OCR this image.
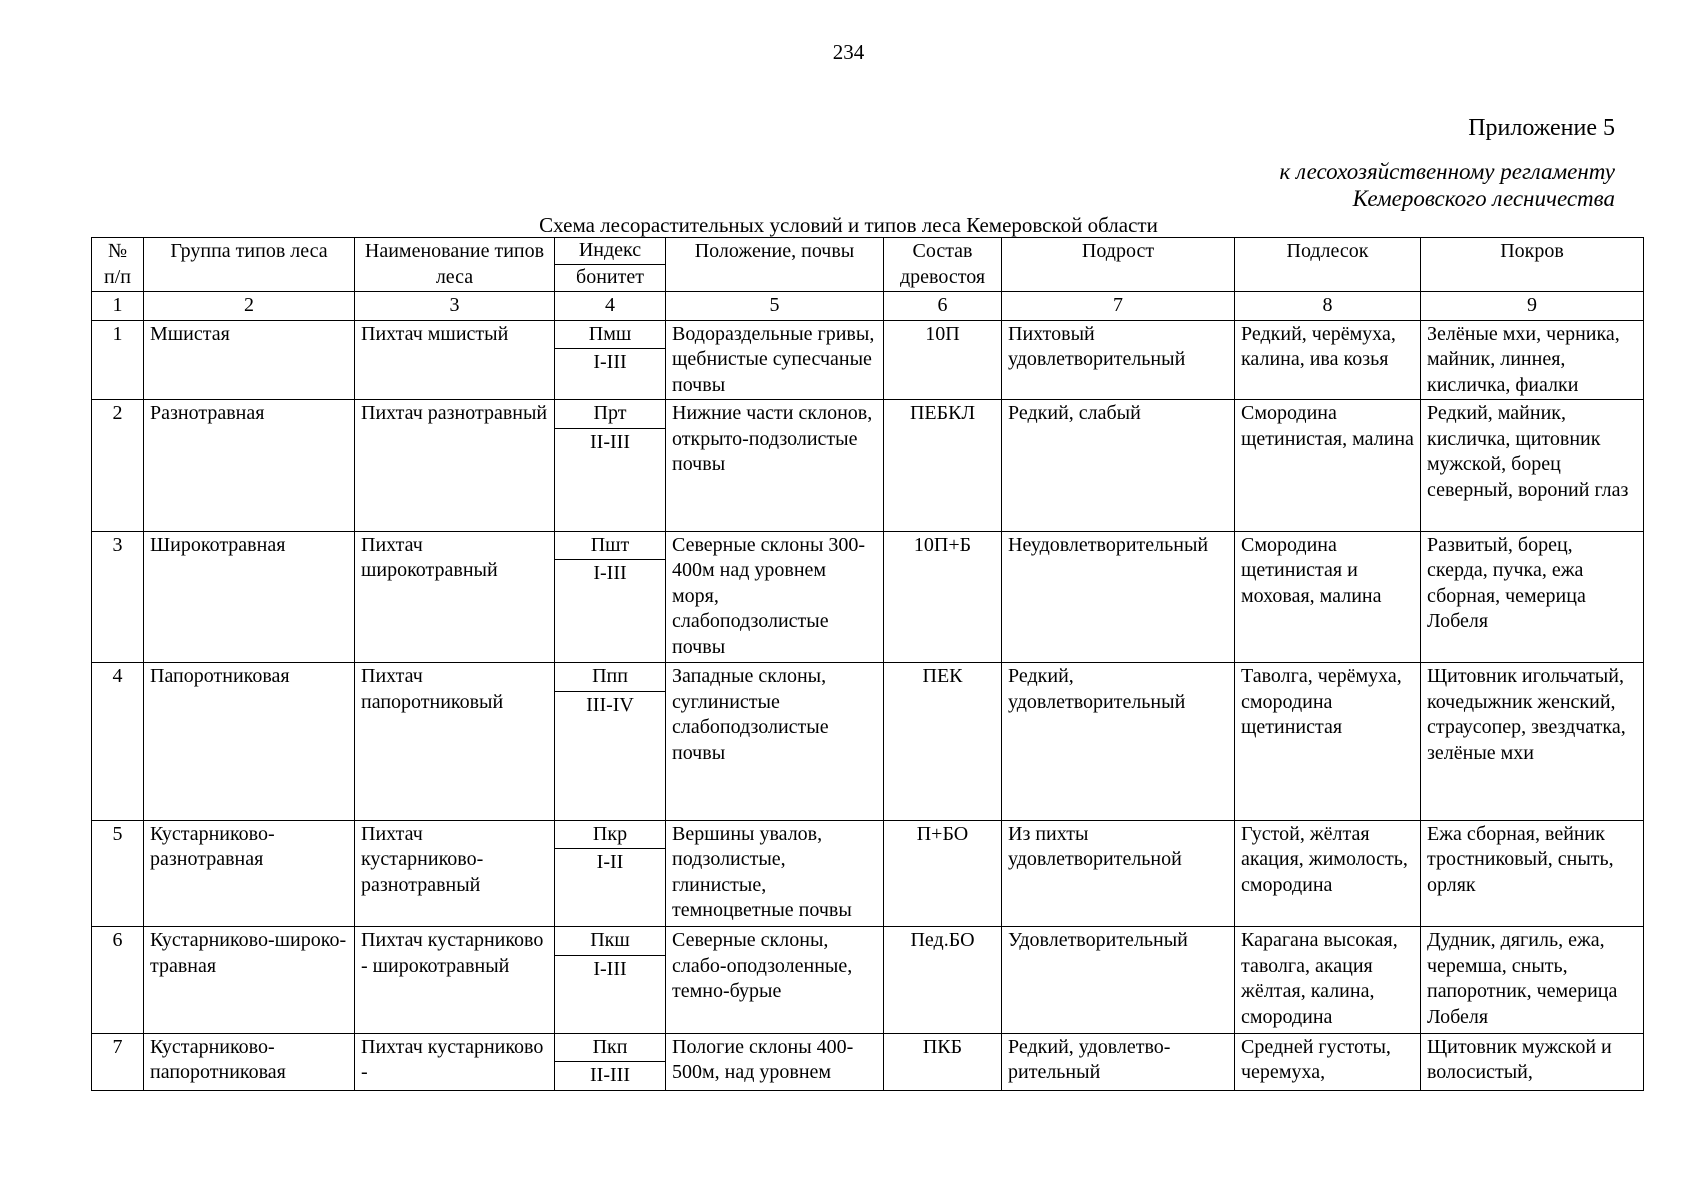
234
Приложение 5
к лесохозяйственному регламенту
Кемеровского лесничества
Схема лесорастительных условий и типов леса Кемеровской области
№ п/п	Группа типов леса	Наименование типов леса	Индекс	Положение, почвы	Состав древостоя	Подрост	Подлесок	Покров
			бонитет					
1	2	3	4	5	6	7	8	9
1	Мшистая	Пихтач мшистый	Пмш	Водораздельные гривы, щебнистые супесчаные почвы	10П	Пихтовый удовлетворительный	Редкий, черёмуха, калина, ива козья	Зелёные мхи, черника, майник, линнея, кисличка, фиалки
			I-III					
2	Разнотравная	Пихтач разнотравный	Прт	Нижние части склонов, открыто-подзолистые почвы	ПЕБКЛ	Редкий, слабый	Смородина щетинистая, малина	Редкий, майник, кисличка, щитовник мужской, борец северный, вороний глаз
			II-III					
3	Широкотравная	Пихтач широкотравный	Пшт	Северные склоны 300-400м над уровнем моря, слабоподзолистые почвы	10П+Б	Неудовлетворительный	Смородина щетинистая и моховая, малина	Развитый, борец, скерда, пучка, ежа сборная, чемерица Лобеля
			I-III					
4	Папоротниковая	Пихтач папоротниковый	Ппп	Западные склоны, суглинистые слабоподзолистые почвы	ПЕК	Редкий, удовлетворительный	Таволга, черёмуха, смородина щетинистая	Щитовник игольчатый, кочедыжник женский, страусопер, звездчатка, зелёные мхи
			III-IV					
5	Кустарниково-разнотравная	Пихтач кустарниково-разнотравный	Пкр	Вершины увалов, подзолистые, глинистые, темноцветные почвы	П+БО	Из пихты удовлетворительной	Густой, жёлтая акация, жимолость, смородина	Ежа сборная, вейник тростниковый, сныть, орляк
			I-II					
6	Кустарниково-широко-травная	Пихтач кустарниково - широкотравный	Пкш	Северные склоны, слабо-оподзоленные, темно-бурые	Пед.БО	Удовлетворительный	Карагана высокая, таволга, акация жёлтая, калина, смородина	Дудник, дягиль, ежа, черемша, сныть, папоротник, чемерица Лобеля
			I-III					
7	Кустарниково-папоротниковая	Пихтач кустарниково -	Пкп	Пологие склоны 400-500м, над уровнем	ПКБ	Редкий, удовлетво-рительный	Средней густоты, черемуха,	Щитовник мужской и волосистый,
			II-III					
